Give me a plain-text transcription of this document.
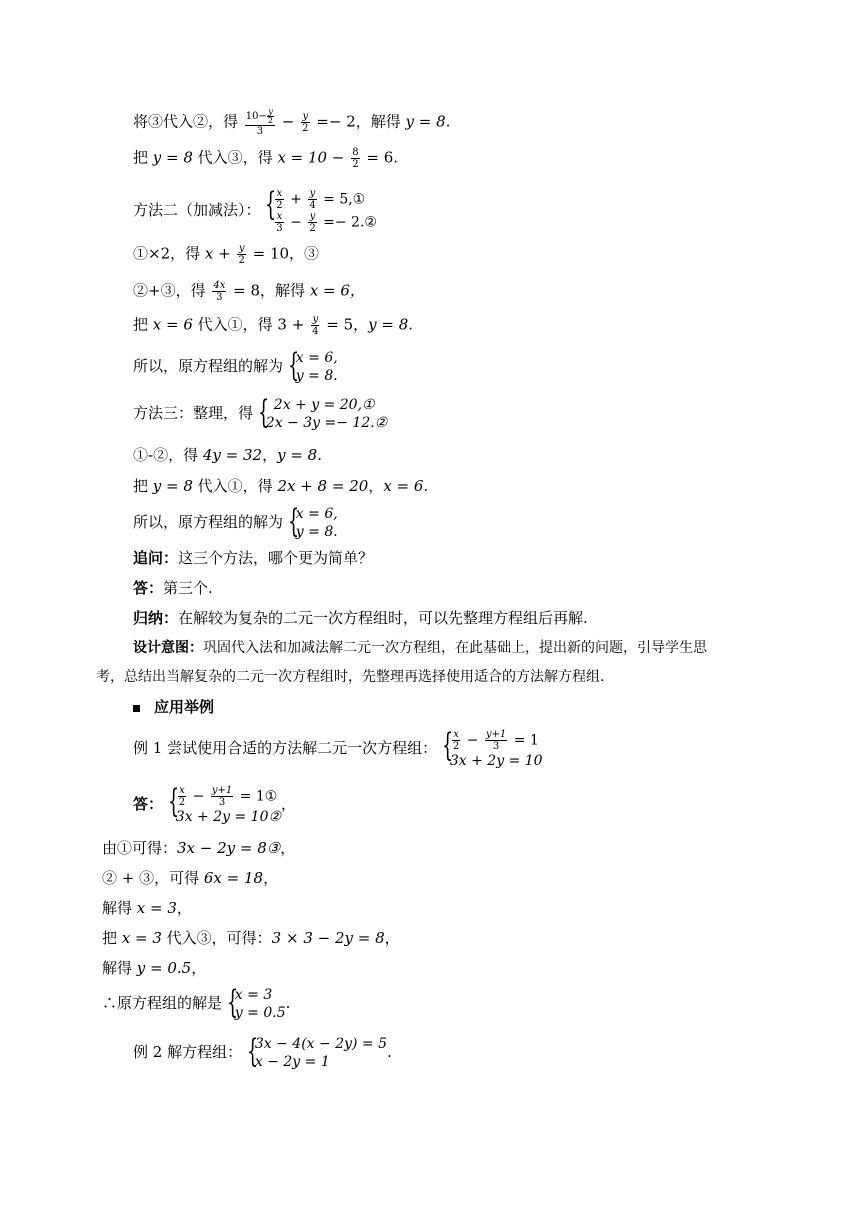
将③代入②，得 $\frac{10- \frac{y}{2}}{3} - \frac{y}{2} =- 2$，解得 y = 8.
把 y = 8 代入③，得 $x = 10 - \frac{8}{2} = 6$.
方法二（加减法）： {
$\frac{x}{2} + \frac{y}{4}$ = 5,①
$\frac{x}{3} - \frac{y}{2}$ =− 2.②
①×2，得 $x + \frac{y}{2} = 10$，③
②+③，得 $\frac{4x}{3} = 8$，解得 x = 6，
把 x = 6 代入①，得 $3 + \frac{y}{4} = 5$，y = 8.
所以，原方程组的解为 {
x = 6,
y = 8.
方法三：整理，得 { 2x + y = 20,①
2x − 3y =− 12.②
①-②，得 4y = 32，y = 8.
把 y = 8 代入①，得 2x + 8 = 20，x = 6.
所以，原方程组的解为 {
x = 6,
y = 8.
追问：这三个方法，哪个更为简单？
答：第三个.
归纳：在解较为复杂的二元一次方程组时，可以先整理方程组后再解.
设计意图：巩固代入法和加减法解二元一次方程组，在此基础上，提出新的问题，引导学生思
考，总结出当解复杂的二元一次方程组时，先整理再选择使用适合的方法解方程组.
应用举例
例 1 尝试使用合适的方法解二元一次方程组： {
$\frac{x}{2} - \frac{y+1}{3} = 1$
3x + 2y = 10
答： {
$\frac{x}{2} - \frac{y+1}{3}$ = 1①
3x + 2y = 10②
，
由①可得：3x − 2y = 8③，
② + ③，可得 6x = 18，
解得 x = 3，
把 x = 3 代入③，可得：3 × 3 − 2y = 8，
解得 y = 0.5，
∴原方程组的解是 {
x = 3
y = 0.5
.
例 2 解方程组： {
3x − 4(x − 2y) = 5
x − 2y = 1
.
